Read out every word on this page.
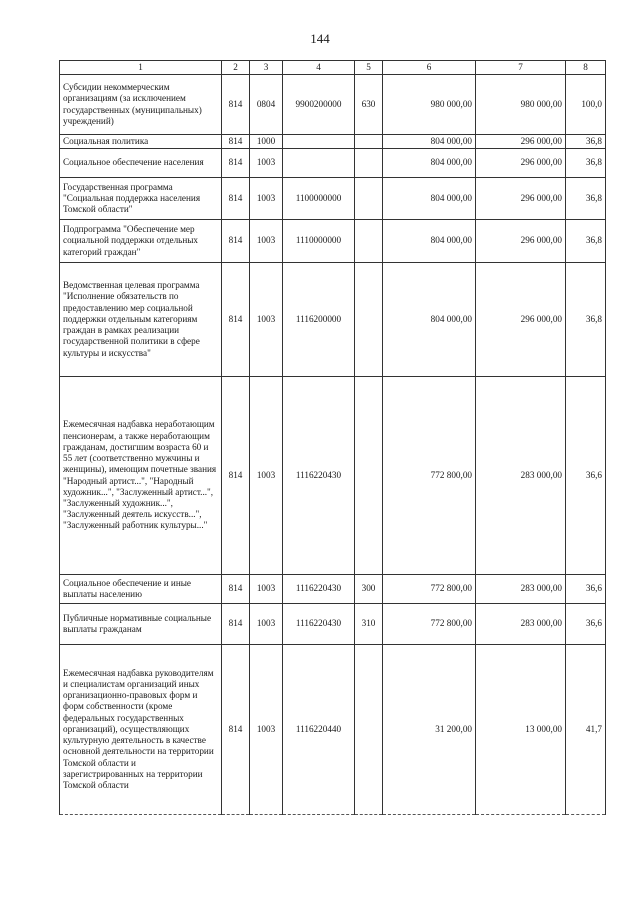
144
1	2	3	4	5	6	7	8
Субсидии некоммерческим организациям (за исключением государственных (муниципальных) учреждений)	814	0804	9900200000	630	980 000,00	980 000,00	100,0
Социальная политика	814	1000			804 000,00	296 000,00	36,8
Социальное обеспечение населения	814	1003			804 000,00	296 000,00	36,8
Государственная программа "Социальная поддержка населения Томской области"	814	1003	1100000000		804 000,00	296 000,00	36,8
Подпрограмма "Обеспечение мер социальной поддержки отдельных категорий граждан"	814	1003	1110000000		804 000,00	296 000,00	36,8
Ведомственная целевая программа "Исполнение обязательств по предоставлению мер социальной поддержки отдельным категориям граждан в рамках реализации государственной политики в сфере культуры и искусства"	814	1003	1116200000		804 000,00	296 000,00	36,8
Ежемесячная надбавка неработающим пенсионерам, а также неработающим гражданам, достигшим возраста 60 и 55 лет (соответственно мужчины и женщины), имеющим почетные звания "Народный артист...", "Народный художник...", "Заслуженный артист...", "Заслуженный художник...", "Заслуженный деятель искусств...", "Заслуженный работник культуры..."	814	1003	1116220430		772 800,00	283 000,00	36,6
Социальное обеспечение и иные выплаты населению	814	1003	1116220430	300	772 800,00	283 000,00	36,6
Публичные нормативные социальные выплаты гражданам	814	1003	1116220430	310	772 800,00	283 000,00	36,6
Ежемесячная надбавка руководителям и специалистам организаций иных организационно-правовых форм и форм собственности (кроме федеральных государственных организаций), осуществляющих культурную деятельность в качестве основной деятельности на территории Томской области и зарегистрированных на территории Томской области	814	1003	1116220440		31 200,00	13 000,00	41,7
